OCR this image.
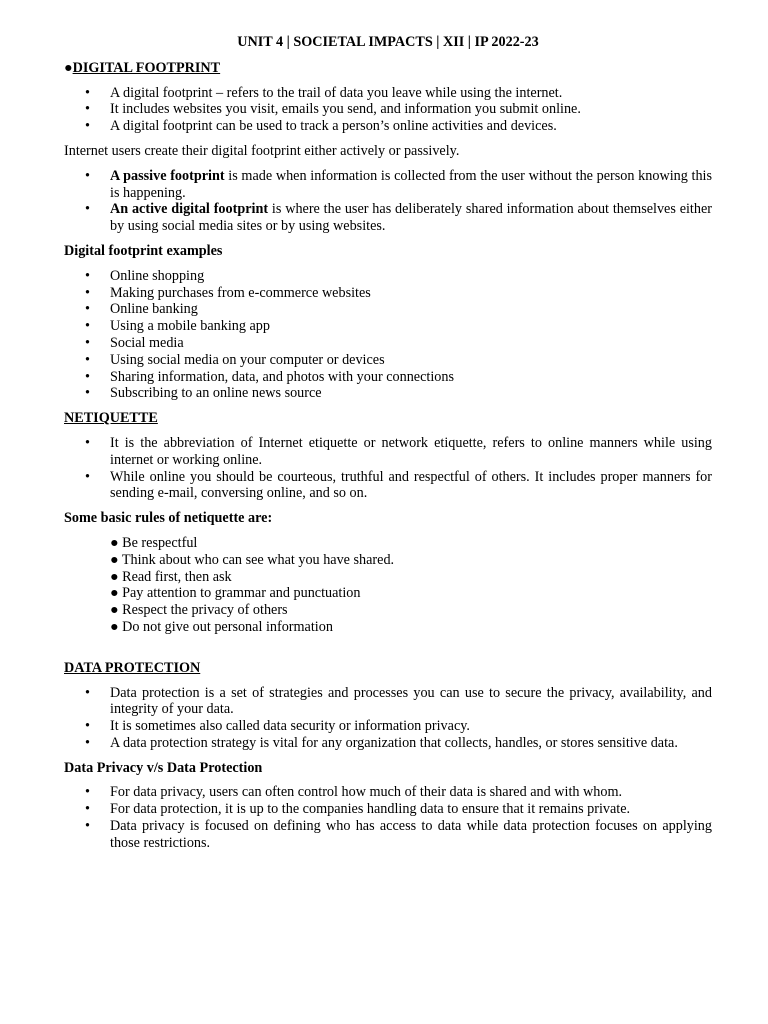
UNIT 4 | SOCIETAL IMPACTS | XII | IP 2022-23
●DIGITAL FOOTPRINT
• A digital footprint – refers to the trail of data you leave while using the internet.
• It includes websites you visit, emails you send, and information you submit online.
• A digital footprint can be used to track a person’s online activities and devices.

Internet users create their digital footprint either actively or passively.

• A passive footprint is made when information is collected from the user without the person knowing this is happening.
• An active digital footprint is where the user has deliberately shared information about themselves either by using social media sites or by using websites.
Digital footprint examples
• Online shopping
• Making purchases from e-commerce websites
• Online banking
• Using a mobile banking app
• Social media
• Using social media on your computer or devices
• Sharing information, data, and photos with your connections
• Subscribing to an online news source
NETIQUETTE
• It is the abbreviation of Internet etiquette or network etiquette, refers to online manners while using internet or working online.
• While online you should be courteous, truthful and respectful of others. It includes proper manners for sending e-mail, conversing online, and so on.
Some basic rules of netiquette are:
● Be respectful
● Think about who can see what you have shared.
● Read first, then ask
● Pay attention to grammar and punctuation
● Respect the privacy of others
● Do not give out personal information
DATA PROTECTION
• Data protection is a set of strategies and processes you can use to secure the privacy, availability, and integrity of your data.
• It is sometimes also called data security or information privacy.
• A data protection strategy is vital for any organization that collects, handles, or stores sensitive data.
Data Privacy v/s Data Protection
• For data privacy, users can often control how much of their data is shared and with whom.
• For data protection, it is up to the companies handling data to ensure that it remains private.
• Data privacy is focused on defining who has access to data while data protection focuses on applying those restrictions.
